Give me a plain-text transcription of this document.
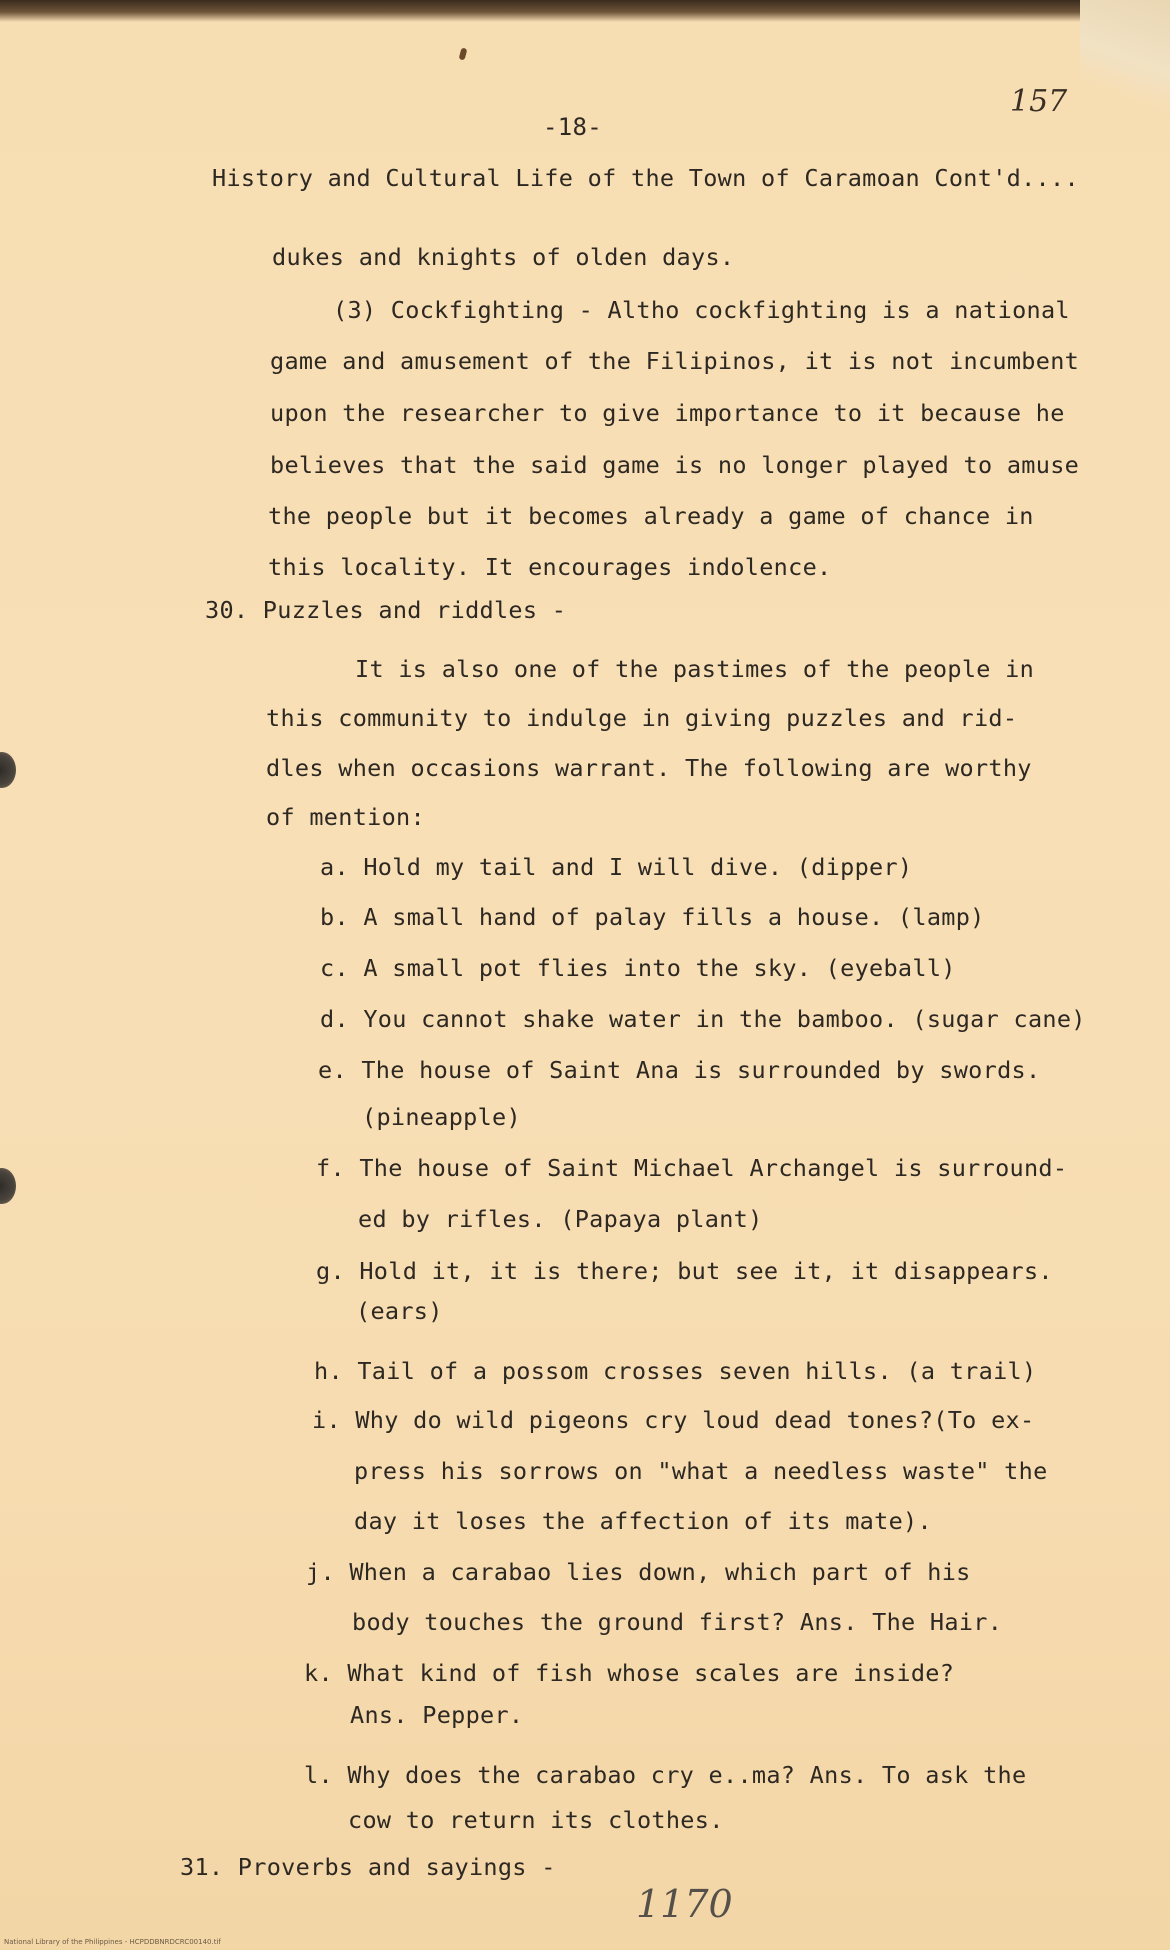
157
-18-
History and Cultural Life of the Town of Caramoan Cont'd....
dukes and knights of olden days.
(3) Cockfighting - Altho cockfighting is a national
game and amusement of the Filipinos, it is not incumbent
upon the researcher to give importance to it because he
believes that the said game is no longer played to amuse
the people but it becomes already a game of chance in
this locality. It encourages indolence.
30. Puzzles and riddles -
It is also one of the pastimes of the people in
this community to indulge in giving puzzles and rid-
dles when occasions warrant. The following are worthy
of mention:
a. Hold my tail and I will dive. (dipper)
b. A small hand of palay fills a house. (lamp)
c. A small pot flies into the sky. (eyeball)
d. You cannot shake water in the bamboo. (sugar cane)
e. The house of Saint Ana is surrounded by swords.
(pineapple)
f. The house of Saint Michael Archangel is surround-
ed by rifles. (Papaya plant)
g. Hold it, it is there; but see it, it disappears.
(ears)
h. Tail of a possom crosses seven hills. (a trail)
i. Why do wild pigeons cry loud dead tones?(To ex-
press his sorrows on "what a needless waste" the
day it loses the affection of its mate).
j. When a carabao lies down, which part of his
body touches the ground first? Ans. The Hair.
k. What kind of fish whose scales are inside?
Ans. Pepper.
l. Why does the carabao cry e..ma? Ans. To ask the
cow to return its clothes.
31. Proverbs and sayings -
1170
National Library of the Philippines - HCPDDBNRDCRC00140.tif
